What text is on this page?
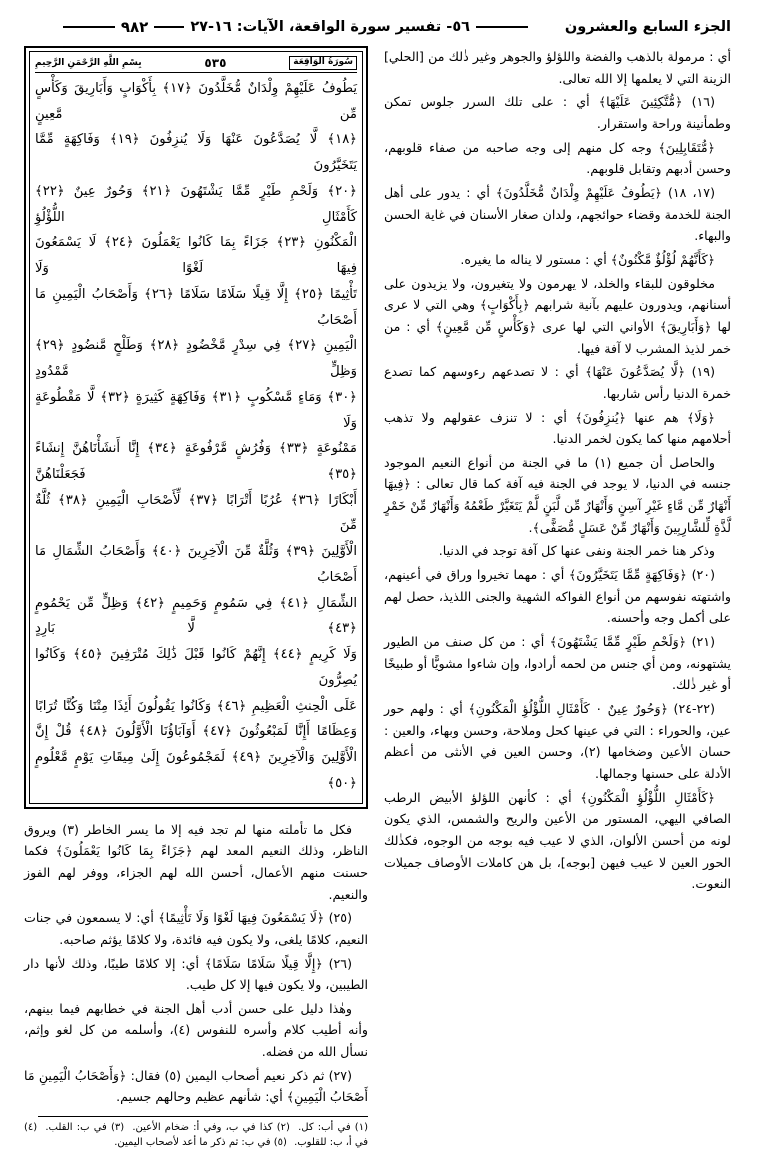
الجزء السابع والعشرون
٥٦- تفسير سورة الواقعة، الآيات: ١٦-٢٧
٩٨٢

أي : مرمولة بالذهب والفضة واللؤلؤ والجوهر وغير ذٰلك من [الحلي] الزينة التي لا يعلمها إلا الله تعالى.

(١٦) ﴿مُّتَّكِئِينَ عَلَيْهَا﴾ أي : على تلك السرر جلوس تمكن وطمأنينة وراحة واستقرار.

﴿مُّتَقَابِلِينَ﴾ وجه كل منهم إلى وجه صاحبه من صفاء قلوبهم، وحسن أدبهم وتقابل قلوبهم.

(١٧، ١٨) ﴿يَطُوفُ عَلَيْهِمْ وِلْدَانٌ مُّخَلَّدُونَ﴾ أي : يدور على أهل الجنة للخدمة وقضاء حوائجهم، ولدان صغار الأسنان في غاية الحسن والبهاء.

﴿كَأَنَّهُمْ لُؤْلُؤٌ مَّكْنُونٌ﴾ أي : مستور لا يناله ما يغيره.

مخلوقون للبقاء والخلد، لا يهرمون ولا يتغيرون، ولا يزيدون على أسنانهم، ويدورون عليهم بآنية شرابهم ﴿بِأَكْوَابٍ﴾ وهي التي لا عرى لها ﴿وَأَبَارِيقَ﴾ الأواني التي لها عرى ﴿وَكَأْسٍ مِّن مَّعِينٍ﴾ أي : من خمر لذيذ المشرب لا آفة فيها.

(١٩) ﴿لَّا يُصَدَّعُونَ عَنْهَا﴾ أي : لا تصدعهم رءوسهم كما تصدع خمرة الدنيا رأس شاربها.

﴿وَلَا﴾ هم عنها ﴿يُنزِفُونَ﴾ أي : لا تنزف عقولهم ولا تذهب أحلامهم منها كما يكون لخمر الدنيا.

والحاصل أن جميع (١) ما في الجنة من أنواع النعيم الموجود جنسه في الدنيا، لا يوجد في الجنة فيه آفة كما قال تعالى : ﴿فِيهَا أَنْهَارٌ مِّن مَّاءٍ غَيْرِ آسِنٍ وَأَنْهَارٌ مِّن لَّبَنٍ لَّمْ يَتَغَيَّرْ طَعْمُهُ وَأَنْهَارٌ مِّنْ خَمْرٍ لَّذَّةٍ لِّلشَّارِبِينَ وَأَنْهَارٌ مِّنْ عَسَلٍ مُّصَفًّى﴾.

وذكر هنا خمر الجنة ونفى عنها كل آفة توجد في الدنيا.

(٢٠) ﴿وَفَاكِهَةٍ مِّمَّا يَتَخَيَّرُونَ﴾ أي : مهما تخيروا وراق في أعينهم، واشتهته نفوسهم من أنواع الفواكه الشهية والجنى اللذيذ، حصل لهم على أكمل وجه وأحسنه.

(٢١) ﴿وَلَحْمِ طَيْرٍ مِّمَّا يَشْتَهُونَ﴾ أي : من كل صنف من الطيور يشتهونه، ومن أي جنس من لحمه أرادوا، وإن شاءوا مشويًّا أو طبيخًا أو غير ذٰلك.

(٢٢-٢٤) ﴿وَحُورٌ عِينٌ ٠ كَأَمْثَالِ اللُّؤْلُؤِ الْمَكْنُونِ﴾ أي : ولهم حور عين، والحوراء : التي في عينها كحل وملاحة، وحسن وبهاء، والعين : حسان الأعين وضخامها (٢)، وحسن العين في الأنثى من أعظم الأدلة على حسنها وجمالها.

﴿كَأَمْثَالِ اللُّؤْلُؤِ الْمَكْنُونِ﴾ أي : كأنهن اللؤلؤ الأبيض الرطب الصافي اليهي، المستور من الأعين والريح والشمس، الذي يكون لونه من أحسن الألوان، الذي لا عيب فيه بوجه من الوجوه، فكذٰلك الحور العين لا عيب فيهن [بوجه]، بل هن كاملات الأوصاف جميلات النعوت.

سُورَةُ الوَاقِعَة
٥٣٥
بِسْمِ اللَّهِ الرَّحْمَنِ الرَّحِيمِ
يَطُوفُ عَلَيْهِمْ وِلْدَانٌ مُّخَلَّدُونَ ﴿١٧﴾ بِأَكْوَابٍ وَأَبَارِيقَ وَكَأْسٍ مِّن مَّعِينٍ
﴿١٨﴾ لَّا يُصَدَّعُونَ عَنْهَا وَلَا يُنزِفُونَ ﴿١٩﴾ وَفَاكِهَةٍ مِّمَّا يَتَخَيَّرُونَ
﴿٢٠﴾ وَلَحْمِ طَيْرٍ مِّمَّا يَشْتَهُونَ ﴿٢١﴾ وَحُورٌ عِينٌ ﴿٢٢﴾ كَأَمْثَالِ اللُّؤْلُؤِ
الْمَكْنُونِ ﴿٢٣﴾ جَزَاءً بِمَا كَانُوا يَعْمَلُونَ ﴿٢٤﴾ لَا يَسْمَعُونَ فِيهَا لَغْوًا وَلَا
تَأْثِيمًا ﴿٢٥﴾ إِلَّا قِيلًا سَلَامًا سَلَامًا ﴿٢٦﴾ وَأَصْحَابُ الْيَمِينِ مَا أَصْحَابُ
الْيَمِينِ ﴿٢٧﴾ فِي سِدْرٍ مَّخْضُودٍ ﴿٢٨﴾ وَطَلْحٍ مَّنضُودٍ ﴿٢٩﴾ وَظِلٍّ مَّمْدُودٍ
﴿٣٠﴾ وَمَاءٍ مَّسْكُوبٍ ﴿٣١﴾ وَفَاكِهَةٍ كَثِيرَةٍ ﴿٣٢﴾ لَّا مَقْطُوعَةٍ وَلَا
مَمْنُوعَةٍ ﴿٣٣﴾ وَفُرُشٍ مَّرْفُوعَةٍ ﴿٣٤﴾ إِنَّا أَنشَأْنَاهُنَّ إِنشَاءً ﴿٣٥﴾ فَجَعَلْنَاهُنَّ
أَبْكَارًا ﴿٣٦﴾ عُرُبًا أَتْرَابًا ﴿٣٧﴾ لِّأَصْحَابِ الْيَمِينِ ﴿٣٨﴾ ثُلَّةٌ مِّنَ
الْأَوَّلِينَ ﴿٣٩﴾ وَثُلَّةٌ مِّنَ الْآخِرِينَ ﴿٤٠﴾ وَأَصْحَابُ الشِّمَالِ مَا أَصْحَابُ
الشِّمَالِ ﴿٤١﴾ فِي سَمُومٍ وَحَمِيمٍ ﴿٤٢﴾ وَظِلٍّ مِّن يَحْمُومٍ ﴿٤٣﴾ لَّا بَارِدٍ
وَلَا كَرِيمٍ ﴿٤٤﴾ إِنَّهُمْ كَانُوا قَبْلَ ذَٰلِكَ مُتْرَفِينَ ﴿٤٥﴾ وَكَانُوا يُصِرُّونَ
عَلَى الْحِنثِ الْعَظِيمِ ﴿٤٦﴾ وَكَانُوا يَقُولُونَ أَئِذَا مِتْنَا وَكُنَّا تُرَابًا
وَعِظَامًا أَإِنَّا لَمَبْعُوثُونَ ﴿٤٧﴾ أَوَآبَاؤُنَا الْأَوَّلُونَ ﴿٤٨﴾ قُلْ إِنَّ
الْأَوَّلِينَ وَالْآخِرِينَ ﴿٤٩﴾ لَمَجْمُوعُونَ إِلَىٰ مِيقَاتِ يَوْمٍ مَّعْلُومٍ ﴿٥٠﴾

فكل ما تأملته منها لم تجد فيه إلا ما يسر الخاطر (٣) ويروق الناظر، وذلك النعيم المعد لهم ﴿جَزَاءً بِمَا كَانُوا يَعْمَلُونَ﴾ فكما حسنت منهم الأعمال، أحسن الله لهم الجزاء، ووفر لهم الفوز والنعيم.

(٢٥) ﴿لَا يَسْمَعُونَ فِيهَا لَغْوًا وَلَا تَأْثِيمًا﴾ أي: لا يسمعون في جنات النعيم، كلامًا يلغى، ولا يكون فيه فائدة، ولا كلامًا يؤثم صاحبه.

(٢٦) ﴿إِلَّا قِيلًا سَلَامًا سَلَامًا﴾ أي: إلا كلامًا طيبًا، وذلك لأنها دار الطيبين، ولا يكون فيها إلا كل طيب.

وهٰذا دليل على حسن أدب أهل الجنة في خطابهم فيما بينهم، وأنه أطيب كلام وأسره للنفوس (٤)، وأسلمه من كل لغو وإثم، نسأل الله من فضله.

(٢٧) ثم ذكر نعيم أصحاب اليمين (٥) فقال: ﴿وَأَصْحَابُ الْيَمِينِ مَا أَصْحَابُ الْيَمِينِ﴾ أي: شأنهم عظيم وحالهم جسيم.

(١) في أب: كل. (٢) كذا في ب، وفي أ: ضخام الأعين. (٣) في ب: القلب. (٤) في أ، ب: للقلوب. (٥) في ب: ثم ذكر ما أعد لأصحاب اليمين.
